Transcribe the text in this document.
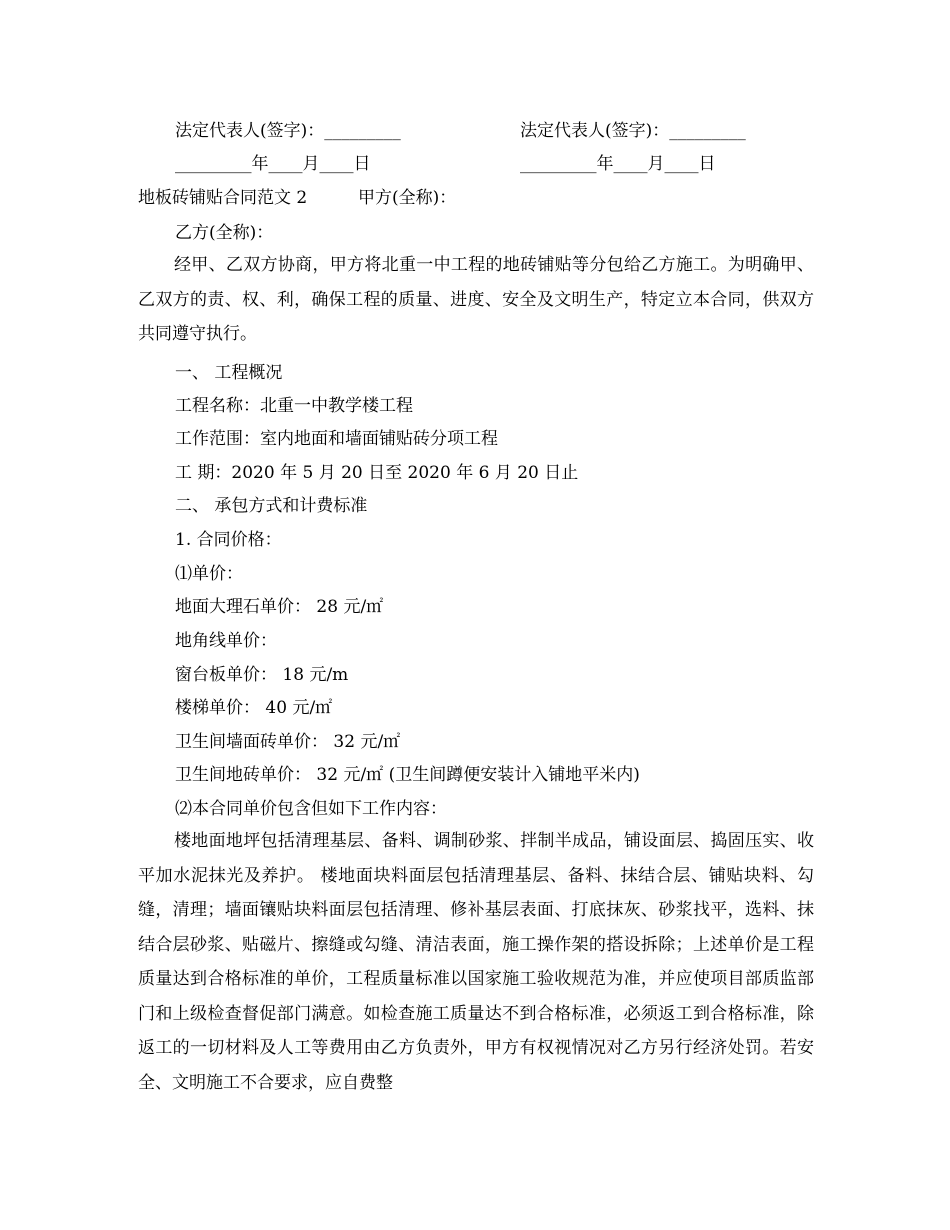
法定代表人(签字)：_________	法定代表人(签字)：_________
_________年____月____日	_________年____月____日
地板砖铺贴合同范文 2	甲方(全称)：
乙方(全称)：
经甲、乙双方协商，甲方将北重一中工程的地砖铺贴等分包给乙方施工。为明确甲、乙双方的责、权、利，确保工程的质量、进度、安全及文明生产，特定立本合同，供双方共同遵守执行。
一、 工程概况
工程名称：北重一中教学楼工程
工作范围：室内地面和墙面铺贴砖分项工程
工 期：2020 年 5 月 20 日至 2020 年 6 月 20 日止
二、 承包方式和计费标准
1. 合同价格：
⑴单价：
地面大理石单价： 28 元/㎡
地角线单价：
窗台板单价： 18 元/m
楼梯单价： 40 元/㎡
卫生间墙面砖单价： 32 元/㎡
卫生间地砖单价： 32 元/㎡ (卫生间蹲便安装计入铺地平米内)
⑵本合同单价包含但如下工作内容：
楼地面地坪包括清理基层、备料、调制砂浆、拌制半成品，铺设面层、捣固压实、收平加水泥抹光及养护。 楼地面块料面层包括清理基层、备料、抹结合层、铺贴块料、勾缝，清理；墙面镶贴块料面层包括清理、修补基层表面、打底抹灰、砂浆找平，选料、抹结合层砂浆、贴磁片、擦缝或勾缝、清洁表面，施工操作架的搭设拆除；上述单价是工程质量达到合格标准的单价，工程质量标准以国家施工验收规范为准，并应使项目部质监部门和上级检查督促部门满意。如检查施工质量达不到合格标准，必须返工到合格标准，除返工的一切材料及人工等费用由乙方负责外，甲方有权视情况对乙方另行经济处罚。若安全、文明施工不合要求，应自费整
